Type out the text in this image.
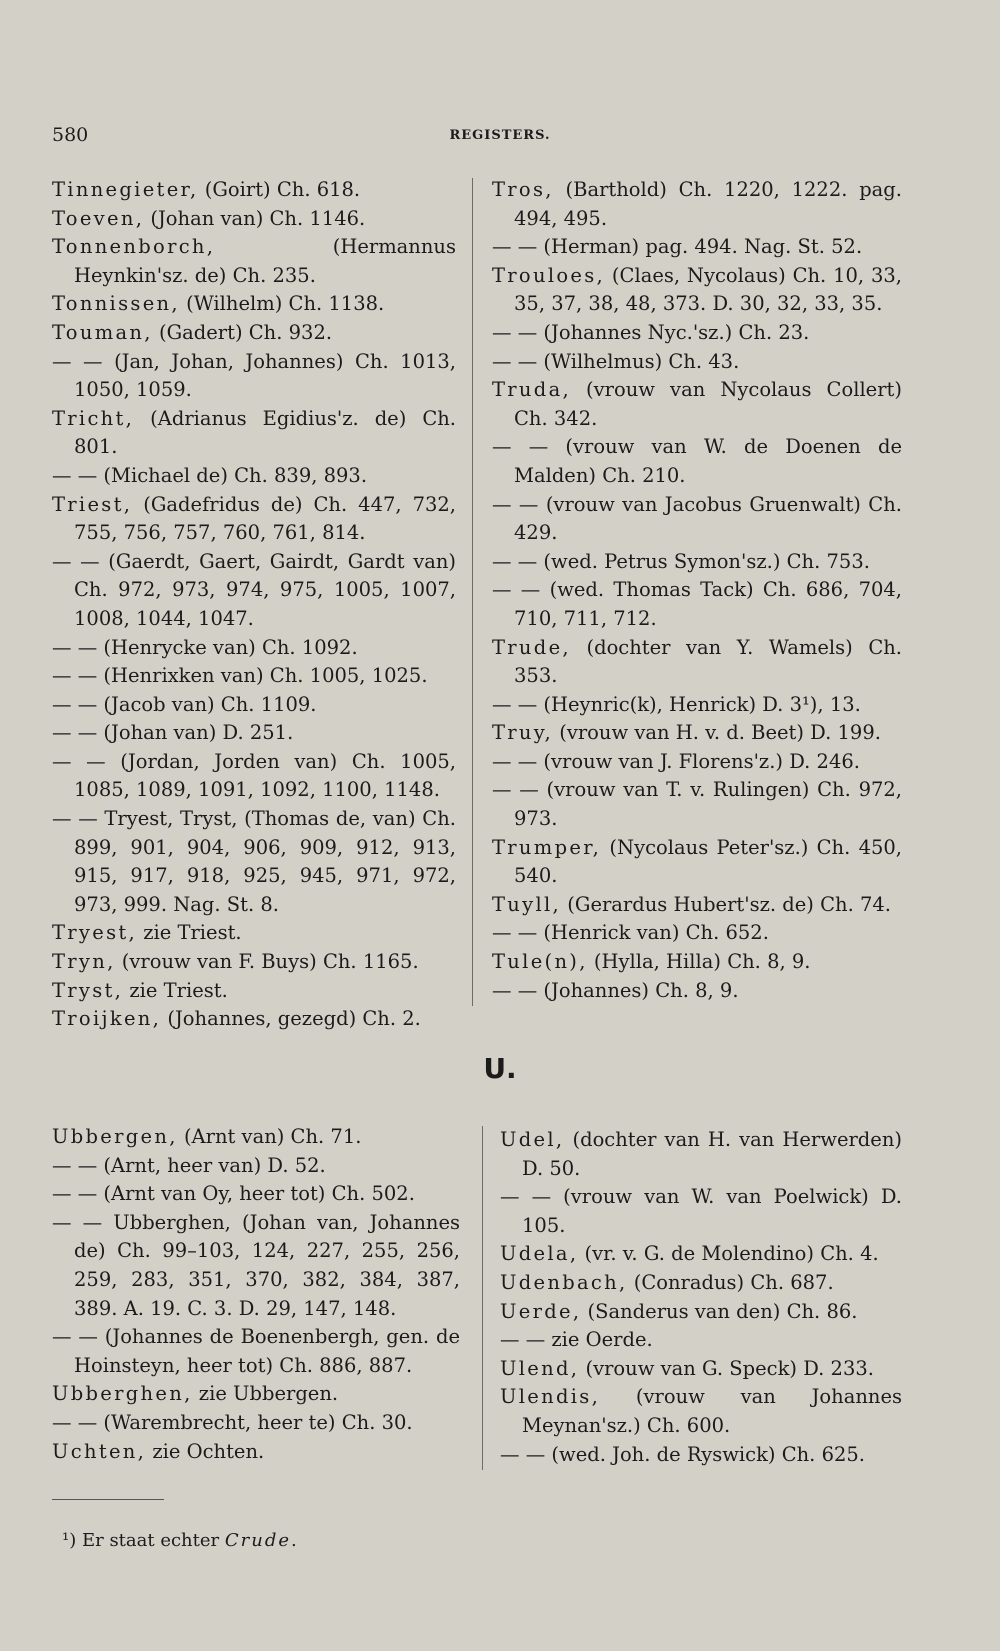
580	REGISTERS.
Tinnegieter, (Goirt) Ch. 618.
Toeven, (Johan van) Ch. 1146.
Tonnenborch, (Hermannus Heynkin'sz. de) Ch. 235.
Tonnissen, (Wilhelm) Ch. 1138.
Touman, (Gadert) Ch. 932.
— — (Jan, Johan, Johannes) Ch. 1013, 1050, 1059.
Tricht, (Adrianus Egidius'z. de) Ch. 801.
— — (Michael de) Ch. 839, 893.
Triest, (Gadefridus de) Ch. 447, 732, 755, 756, 757, 760, 761, 814.
— — (Gaerdt, Gaert, Gairdt, Gardt van) Ch. 972, 973, 974, 975, 1005, 1007, 1008, 1044, 1047.
— — (Henrycke van) Ch. 1092.
— — (Henrixken van) Ch. 1005, 1025.
— — (Jacob van) Ch. 1109.
— — (Johan van) D. 251.
— — (Jordan, Jorden van) Ch. 1005, 1085, 1089, 1091, 1092, 1100, 1148.
— — Tryest, Tryst, (Thomas de, van) Ch. 899, 901, 904, 906, 909, 912, 913, 915, 917, 918, 925, 945, 971, 972, 973, 999. Nag. St. 8.
Tryest, zie Triest.
Tryn, (vrouw van F. Buys) Ch. 1165.
Tryst, zie Triest.
Troijken, (Johannes, gezegd) Ch. 2.
Tros, (Barthold) Ch. 1220, 1222. pag. 494, 495.
— — (Herman) pag. 494. Nag. St. 52.
Trouloes, (Claes, Nycolaus) Ch. 10, 33, 35, 37, 38, 48, 373. D. 30, 32, 33, 35.
— — (Johannes Nyc.'sz.) Ch. 23.
— — (Wilhelmus) Ch. 43.
Truda, (vrouw van Nycolaus Collert) Ch. 342.
— — (vrouw van W. de Doenen de Malden) Ch. 210.
— — (vrouw van Jacobus Gruenwalt) Ch. 429.
— — (wed. Petrus Symon'sz.) Ch. 753.
— — (wed. Thomas Tack) Ch. 686, 704, 710, 711, 712.
Trude, (dochter van Y. Wamels) Ch. 353.
— — (Heynric(k), Henrick) D. 3¹), 13.
Truy, (vrouw van H. v. d. Beet) D. 199.
— — (vrouw van J. Florens'z.) D. 246.
— — (vrouw van T. v. Rulingen) Ch. 972, 973.
Trumper, (Nycolaus Peter'sz.) Ch. 450, 540.
Tuyll, (Gerardus Hubert'sz. de) Ch. 74.
— — (Henrick van) Ch. 652.
Tule(n), (Hylla, Hilla) Ch. 8, 9.
— — (Johannes) Ch. 8, 9.
U.
Ubbergen, (Arnt van) Ch. 71.
— — (Arnt, heer van) D. 52.
— — (Arnt van Oy, heer tot) Ch. 502.
— — Ubberghen, (Johan van, Johannes de) Ch. 99–103, 124, 227, 255, 256, 259, 283, 351, 370, 382, 384, 387, 389. A. 19. C. 3. D. 29, 147, 148.
— — (Johannes de Boenenbergh, gen. de Hoinsteyn, heer tot) Ch. 886, 887.
Ubberghen, zie Ubbergen.
— — (Warembrecht, heer te) Ch. 30.
Uchten, zie Ochten.
Udel, (dochter van H. van Herwerden) D. 50.
— — (vrouw van W. van Poelwick) D. 105.
Udela, (vr. v. G. de Molendino) Ch. 4.
Udenbach, (Conradus) Ch. 687.
Uerde, (Sanderus van den) Ch. 86.
— — zie Oerde.
Ulend, (vrouw van G. Speck) D. 233.
Ulendis, (vrouw van Johannes Meynan'sz.) Ch. 600.
— — (wed. Joh. de Ryswick) Ch. 625.
¹) Er staat echter Crude.
